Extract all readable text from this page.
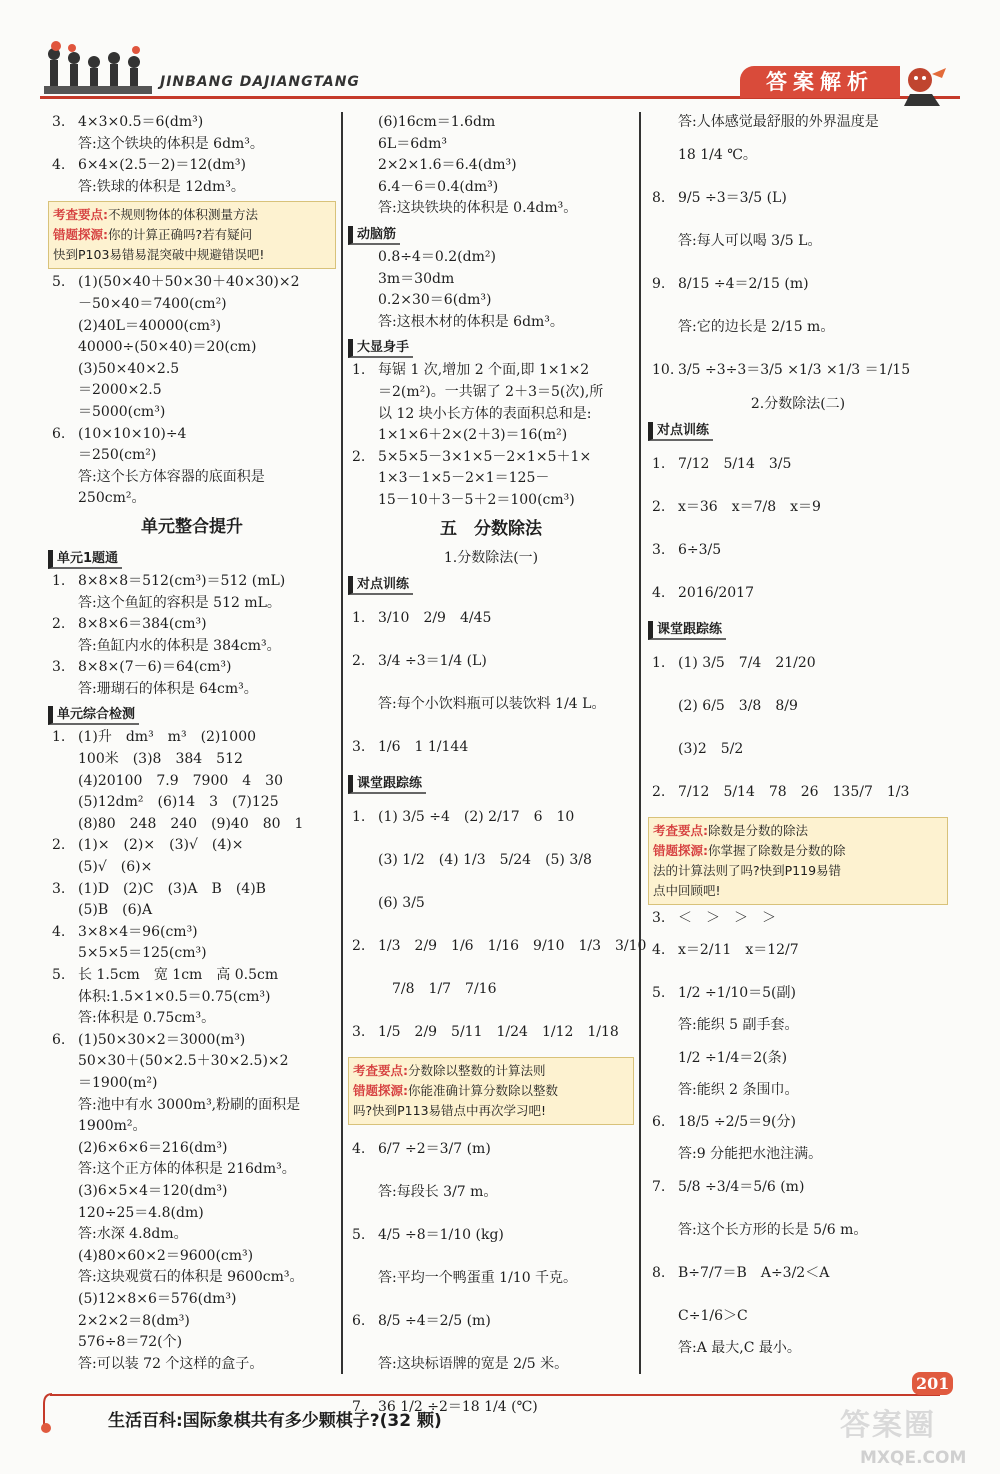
JINBANG DAJIANGTANG	答案解析
3. 4×3×0.5＝6(dm³)
答:这个铁块的体积是 6dm³。
4. 6×4×(2.5－2)＝12(dm³)
答:铁球的体积是 12dm³。
考查要点:不规则物体的体积测量方法
错题探源:你的计算正确吗?若有疑问
快到P103易错易混突破中规避错误吧!
5. (1)(50×40＋50×30＋40×30)×2
－50×40＝7400(cm²)
(2)40L＝40000(cm³)
40000÷(50×40)＝20(cm)
(3)50×40×2.5
＝2000×2.5
＝5000(cm³)
6. (10×10×10)÷4
＝250(cm²)
答:这个长方体容器的底面积是
250cm²。
单元整合提升
单元1题通
1. 8×8×8＝512(cm³)＝512 (mL)
答:这个鱼缸的容积是 512 mL。
2. 8×8×6＝384(cm³)
答:鱼缸内水的体积是 384cm³。
3. 8×8×(7－6)＝64(cm³)
答:珊瑚石的体积是 64cm³。
单元综合检测
1. (1)升　dm³　m³　(2)1000
100米　(3)8　384　512
(4)20100　7.9　7900　4　30
(5)12dm²　(6)14　3　(7)125
(8)80　248　240　(9)40　80　1
2. (1)×　(2)×　(3)√　(4)×
(5)√　(6)×
3. (1)D　(2)C　(3)A　B　(4)B
(5)B　(6)A
4. 3×8×4＝96(cm³)
5×5×5＝125(cm³)
5. 长 1.5cm　宽 1cm　高 0.5cm
体积:1.5×1×0.5＝0.75(cm³)
答:体积是 0.75cm³。
6. (1)50×30×2＝3000(m³)
50×30＋(50×2.5＋30×2.5)×2
＝1900(m²)
答:池中有水 3000m³,粉刷的面积是
1900m²。
(2)6×6×6＝216(dm³)
答:这个正方体的体积是 216dm³。
(3)6×5×4＝120(dm³)
120÷25＝4.8(dm)
答:水深 4.8dm。
(4)80×60×2＝9600(cm³)
答:这块观赏石的体积是 9600cm³。
(5)12×8×6＝576(dm³)
2×2×2＝8(dm³)
576÷8＝72(个)
答:可以装 72 个这样的盒子。
(6)16cm＝1.6dm
6L＝6dm³
2×2×1.6＝6.4(dm³)
6.4－6＝0.4(dm³)
答:这块铁块的体积是 0.4dm³。
动脑筋
0.8÷4＝0.2(dm²)
3m＝30dm
0.2×30＝6(dm³)
答:这根木材的体积是 6dm³。
大显身手
1. 每锯 1 次,增加 2 个面,即 1×1×2
＝2(m²)。一共锯了 2＋3＝5(次),所
以 12 块小长方体的表面积总和是:
1×1×6＋2×(2＋3)＝16(m²)
2. 5×5×5－3×1×5－2×1×5＋1×
1×3－1×5－2×1＝125－
15－10＋3－5＋2＝100(cm³)
五　分数除法
1.分数除法(一)
对点训练
1. 3/10　2/9　4/45
2. 3/4 ÷3＝1/4 (L)
答:每个小饮料瓶可以装饮料 1/4 L。
3. 1/6　1 1/144
课堂跟踪练
1. (1) 3/5 ÷4　(2) 2/17　6　10
(3) 1/2　(4) 1/3　5/24　(5) 3/8
(6) 3/5
2. 1/3　2/9　1/6　1/16　9/10　1/3　3/10
　7/8　1/7　7/16
3. 1/5　2/9　5/11　1/24　1/12　1/18
考查要点:分数除以整数的计算法则
错题探源:你能准确计算分数除以整数
吗?快到P113易错点中再次学习吧!
4. 6/7 ÷2＝3/7 (m)
答:每段长 3/7 m。
5. 4/5 ÷8＝1/10 (kg)
答:平均一个鸭蛋重 1/10 千克。
6. 8/5 ÷4＝2/5 (m)
答:这块标语牌的宽是 2/5 米。
7. 36 1/2 ÷2＝18 1/4 (℃)
答:人体感觉最舒服的外界温度是
18 1/4 ℃。
8. 9/5 ÷3＝3/5 (L)
答:每人可以喝 3/5 L。
9. 8/15 ÷4＝2/15 (m)
答:它的边长是 2/15 m。
10. 3/5 ÷3÷3＝3/5 ×1/3 ×1/3 ＝1/15
2.分数除法(二)
对点训练
1. 7/12　5/14　3/5
2. x＝36　x＝7/8　x＝9
3. 6÷3/5
4. 2016/2017
课堂跟踪练
1. (1) 3/5　7/4　21/20
(2) 6/5　3/8　8/9
(3)2　5/2
2. 7/12　5/14　78　26　135/7　1/3
考查要点:除数是分数的除法
错题探源:你掌握了除数是分数的除
法的计算法则了吗?快到P119易错
点中回顾吧!
3. ＜　＞　＞　＞
4. x＝2/11　x＝12/7
5. 1/2 ÷1/10＝5(副)
答:能织 5 副手套。
1/2 ÷1/4＝2(条)
答:能织 2 条围巾。
6. 18/5 ÷2/5＝9(分)
答:9 分能把水池注满。
7. 5/8 ÷3/4＝5/6 (m)
答:这个长方形的长是 5/6 m。
8. B÷7/7＝B　A÷3/2＜A
C÷1/6＞C
答:A 最大,C 最小。
生活百科:国际象棋共有多少颗棋子?(32 颗)
201
答案圈
MXQE.COM
